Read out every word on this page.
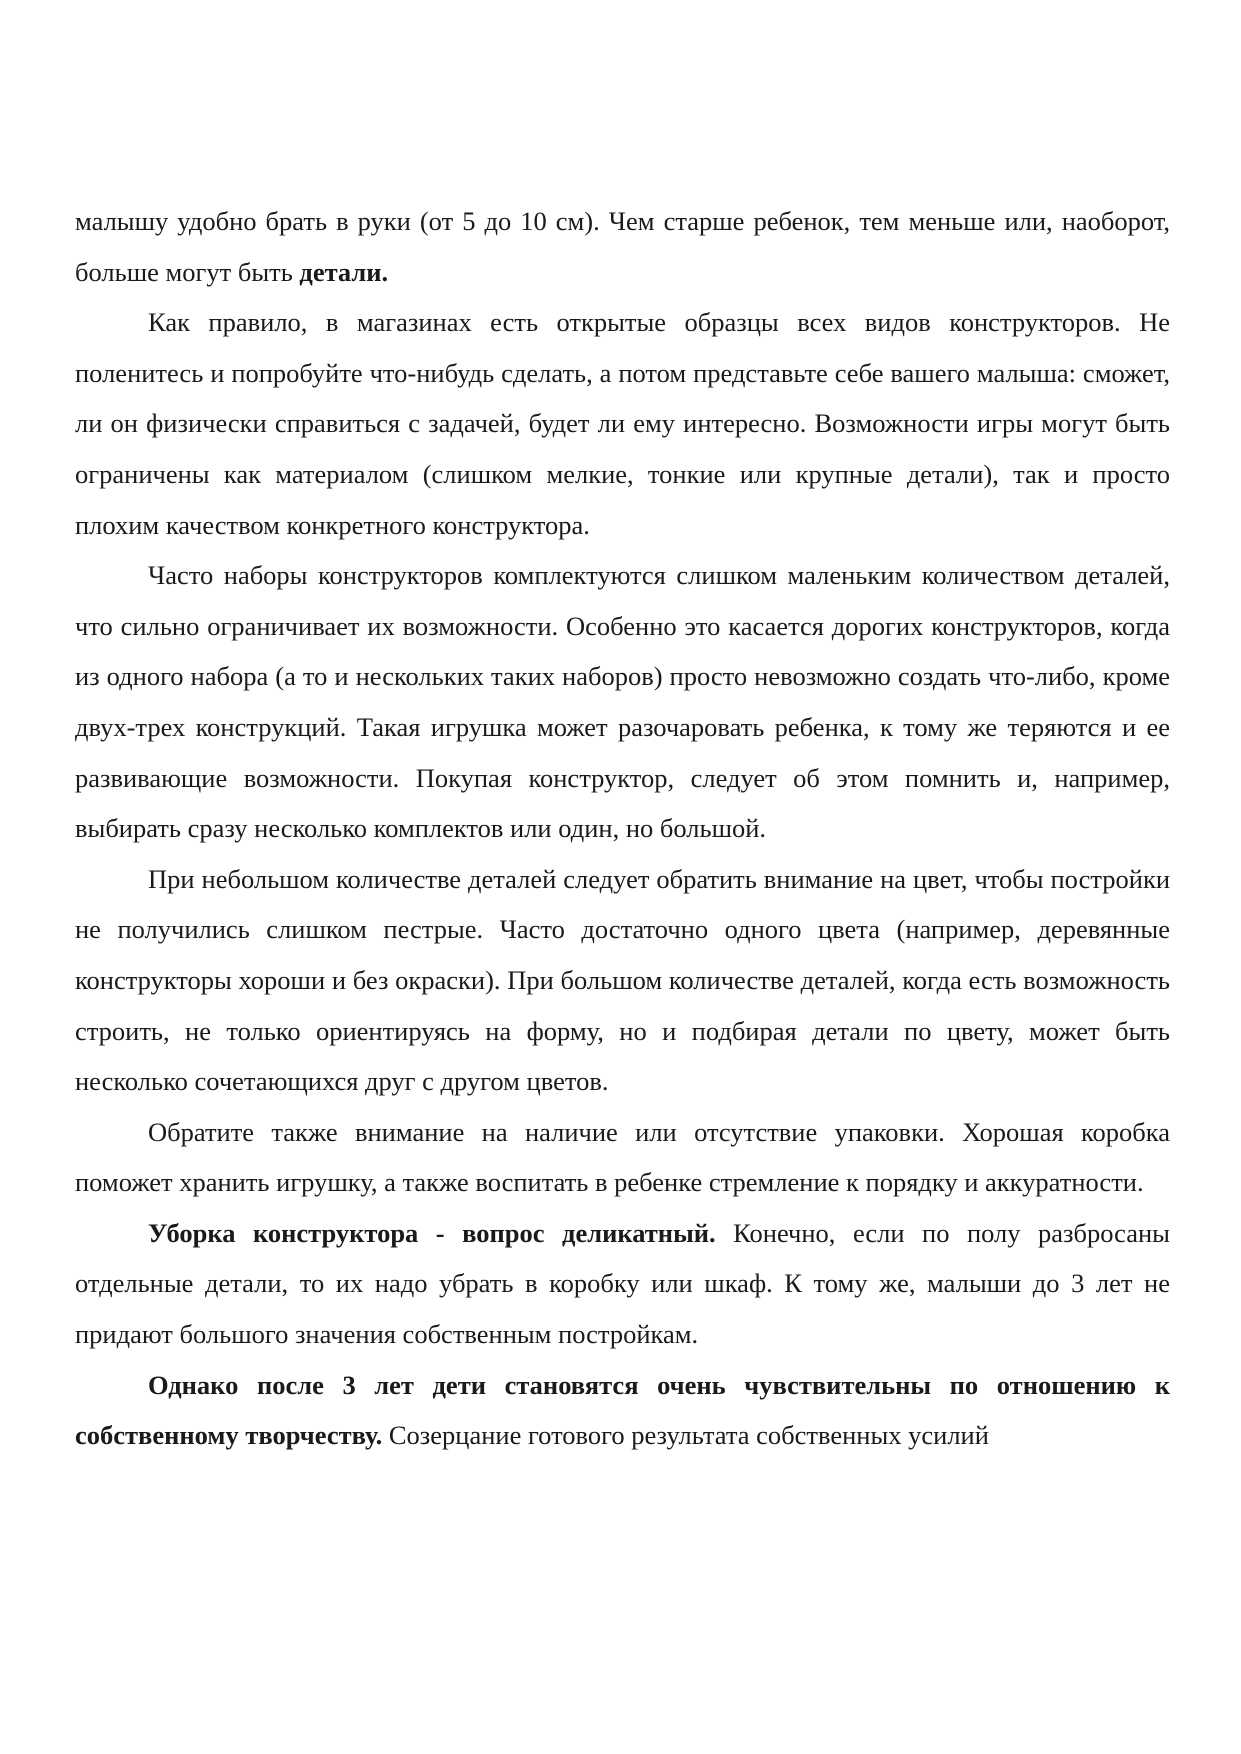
малышу удобно брать в руки (от 5 до 10 см). Чем старше ребенок, тем меньше или, наоборот, больше могут быть детали.

Как правило, в магазинах есть открытые образцы всех видов конструкторов. Не поленитесь и попробуйте что-нибудь сделать, а потом представьте себе вашего малыша: сможет, ли он физически справиться с задачей, будет ли ему интересно. Возможности игры могут быть ограничены как материалом (слишком мелкие, тонкие или крупные детали), так и просто плохим качеством конкретного конструктора.

Часто наборы конструкторов комплектуются слишком маленьким количеством деталей, что сильно ограничивает их возможности. Особенно это касается дорогих конструкторов, когда из одного набора (а то и нескольких таких наборов) просто невозможно создать что-либо, кроме двух-трех конструкций. Такая игрушка может разочаровать ребенка, к тому же теряются и ее развивающие возможности. Покупая конструктор, следует об этом помнить и, например, выбирать сразу несколько комплектов или один, но большой.

При небольшом количестве деталей следует обратить внимание на цвет, чтобы постройки не получились слишком пестрые. Часто достаточно одного цвета (например, деревянные конструкторы хороши и без окраски). При большом количестве деталей, когда есть возможность строить, не только ориентируясь на форму, но и подбирая детали по цвету, может быть несколько сочетающихся друг с другом цветов.

Обратите также внимание на наличие или отсутствие упаковки. Хорошая коробка поможет хранить игрушку, а также воспитать в ребенке стремление к порядку и аккуратности.

Уборка конструктора - вопрос деликатный. Конечно, если по полу разбросаны отдельные детали, то их надо убрать в коробку или шкаф. К тому же, малыши до 3 лет не придают большого значения собственным постройкам.

Однако после 3 лет дети становятся очень чувствительны по отношению к собственному творчеству. Созерцание готового результата собственных усилий
